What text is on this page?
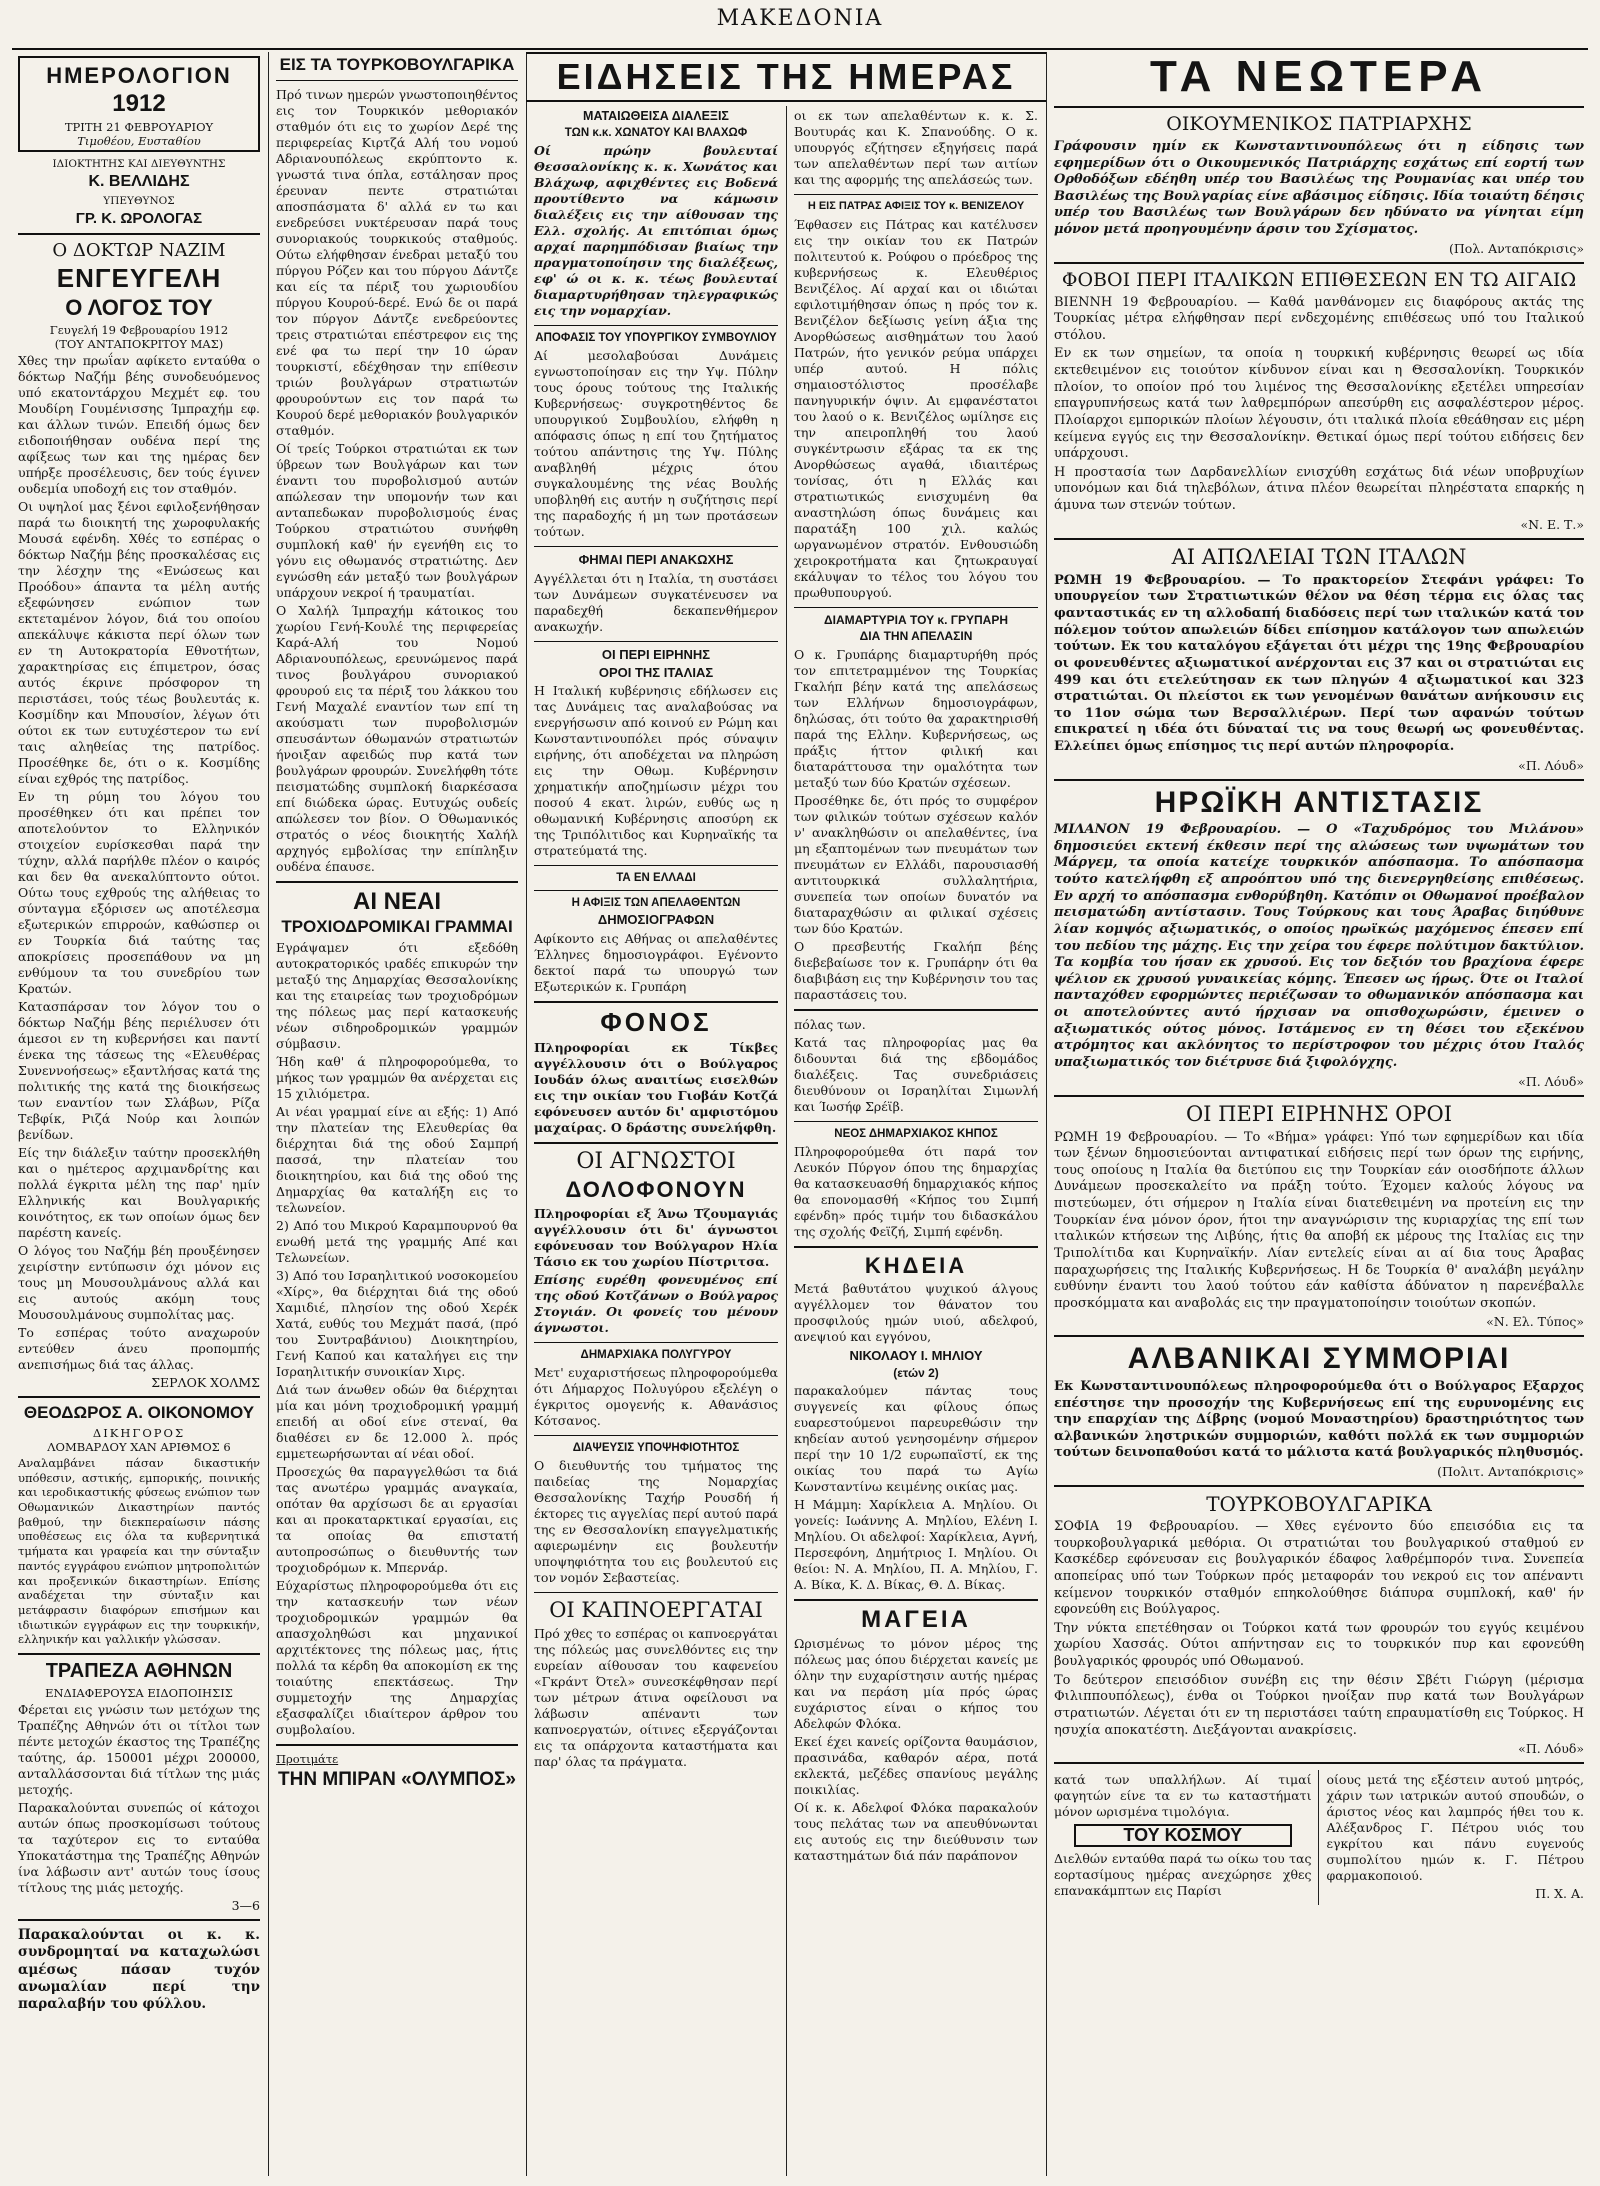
ΜΑΚΕΔΟΝΙΑ
ΗΜΕΡΟΛΟΓΙΟΝ
1912
ΤΡΙΤΗ 21 ΦΕΒΡΟΥΑΡΙΟΥ
Τιμοθέου, Ευσταθίου
ΙΔΙΟΚΤΗΤΗΣ ΚΑΙ ΔΙΕΥΘΥΝΤΗΣ
Κ. ΒΕΛΛΙΔΗΣ
ΥΠΕΥΘΥΝΟΣ
ΓΡ. Κ. ΩΡΟΛΟΓΑΣ
Ο ΔΟΚΤΩΡ ΝΑΖΙΜ
ΕΝΓΕΥΓΕΛΗ
Ο ΛΟΓΟΣ ΤΟΥ
Γευγελή 19 Φεβρουαρίου 1912
(ΤΟΥ ΑΝΤΑΠΟΚΡΙΤΟΥ ΜΑΣ)

Χθες την πρωΐαν αφίκετο ενταύθα ο δόκτωρ Ναζήμ βέης συνοδευόμενος υπό εκατοντάρχου Μεχμέτ εφ. του Μουδίρη Γουμένισσης Ίμπραχήμ εφ. και άλλων τινών. Επειδή όμως δεν ειδοποιήθησαν ουδένα περί της αφίξεως των και της ημέρας δεν υπήρξε προσέλευσις, δεν τούς έγινεν ουδεμία υποδοχή εις τον σταθμόν.

Οι υψηλοί μας ξένοι εφιλοξενήθησαν παρά τω διοικητή της χωροφυλακής Μουσά εφένδη. Χθές το εσπέρας ο δόκτωρ Ναζήμ βέης προσκαλέσας εις την λέσχην της «Ενώσεως και Προόδου» άπαντα τα μέλη αυτής εξεφώνησεν ενώπιον των εκτεταμένον λόγον, διά του οποίου απεκάλυψε κάκιστα περί όλων των εν τη Αυτοκρατορία Εθνοτήτων, χαρακτηρίσας εις έπιμετρον, όσας αυτός έκρινε πρόσφορον τη περιστάσει, τούς τέως βουλευτάς κ. Κοσμίδην και Μπουσίον, λέγων ότι ούτοι εκ των ευτυχέστερον τω ενί ταις αληθείας της πατρίδος. Προσέθηκε δε, ότι ο κ. Κοσμίδης είναι εχθρός της πατρίδος.

Εν τη ρύμη του λόγου του προσέθηκεν ότι και πρέπει τον αποτελούντον το Ελληνικόν στοιχείον ευρίσκεσθαι παρά την τύχην, αλλά παρήλθε πλέον ο καιρός και δεν θα ανεκαλύπτοντο ούτοι. Ούτω τους εχθρούς της αλήθειας το σύνταγμα εξόρισεν ως αποτέλεσμα εξωτερικών επιρροών, καθώσπερ οι εν Τουρκία διά ταύτης τας αποκρίσεις προσεπάθουν να μη ενθύμουν τα του συνεδρίου των Κρατών.

Κατασπάρσαν τον λόγον του ο δόκτωρ Ναζήμ βέης περιέλυσεν ότι άμεσοι εν τη κυβερνήσει και παντί ένεκα της τάσεως της «Ελευθέρας Συνεννοήσεως» εξαντλήσας κατά της πολιτικής της κατά της διοικήσεως των εναντίον των Σλάβων, Ρίζα Τεβφίκ, Ριζά Νούρ και λοιπών βενίδων.

Είς την διάλεξιν ταύτην προσεκλήθη και ο ημέτερος αρχιμανδρίτης και πολλά έγκριτα μέλη της παρ' ημίν Ελληνικής και Βουλγαρικής κοινότητος, εκ των οποίων όμως δεν παρέστη κανείς.

Ο λόγος του Ναζήμ βέη προυξένησεν χειρίστην εντύπωσιν όχι μόνον εις τους μη Μουσουλμάνους αλλά και εις αυτούς ακόμη τους Μουσουλμάνους συμπολίτας μας.

Το εσπέρας τούτο αναχωρούν εντεύθεν άνευ προπομπής ανεπισήμως διά τας άλλας.

ΣΕΡΛΟΚ ΧΟΛΜΣ
ΘΕΟΔΩΡΟΣ Α. ΟΙΚΟΝΟΜΟΥ
ΔΙΚΗΓΟΡΟΣ
ΛΟΜΒΑΡΔΟΥ ΧΑΝ ΑΡΙΘΜΟΣ 6

Αναλαμβάνει πάσαν δικαστικήν υπόθεσιν, αστικής, εμπορικής, ποινικής και ιεροδικαστικής φύσεως ενώπιον των Οθωμανικών Δικαστηρίων παντός βαθμού, την διεκπεραίωσιν πάσης υποθέσεως εις όλα τα κυβερνητικά τμήματα και γραφεία και την σύνταξιν παντός εγγράφου ενώπιον μητροπολιτών και προξενικών δικαστηρίων. Επίσης αναδέχεται την σύνταξιν και μετάφρασιν διαφόρων επισήμων και ιδιωτικών εγγράφων εις την τουρκικήν, ελληνικήν και γαλλικήν γλώσσαν.

ΤΡΑΠΕΖΑ ΑΘΗΝΩΝ
ΕΝΔΙΑΦΕΡΟΥΣΑ ΕΙΔΟΠΟΙΗΣΙΣ

Φέρεται εις γνώσιν των μετόχων της Τραπέζης Αθηνών ότι οι τίτλοι των πέντε μετοχών έκαστος της Τραπέζης ταύτης, άρ. 150001 μέχρι 200000, ανταλλάσσονται διά τίτλων της μιάς μετοχής.

Παρακαλούνται συνεπώς οί κάτοχοι αυτών όπως προσκομίσωσι τούτους τα ταχύτερον εις το ενταύθα Υποκατάστημα της Τραπέζης Αθηνών ίνα λάβωσιν αντ' αυτών τους ίσους τίτλους της μιάς μετοχής.

3—6

Παρακαλούνται οι κ. κ. συνδρομηταί να καταχωλώσι αμέσως πάσαν τυχόν ανωμαλίαν περί την παραλαβήν του φύλλου.

ΕΙΣ ΤΑ ΤΟΥΡΚΟΒΟΥΛΓΑΡΙΚΑ

Πρό τινων ημερών γνωστοποιηθέντος εις τον Τουρκικόν μεθοριακόν σταθμόν ότι εις το χωρίον Δερέ της περιφερείας Κιρτζά Αλή του νομού Αδριανουπόλεως εκρύπτοντο κ. γνωστά τινα όπλα, εστάλησαν προς έρευναν πεντε στρατιώται αποσπάσματα δ' αλλά εν τω και ενεδρεύσει νυκτέρευσαν παρά τους συνοριακούς τουρκικούς σταθμούς. Ούτω ελήφθησαν ένεδραι μεταξύ του πύργου Ρόζεν και του πύργου Δάντζε και είς τα πέριξ του χωριουδίου πύργου Κουρού-δερέ. Ενώ δε οι παρά τον πύργον Δάντζε ενεδρεύοντες τρεις στρατιώται επέστρεφον εις της ενέ φα τω περί την 10 ώραν τουρκιστί, εδέχθησαν την επίθεσιν τριών βουλγάρων στρατιωτών φρουρούντων εις τον παρά τω Κουρού δερέ μεθοριακόν βουλγαρικόν σταθμόν.

Οί τρείς Τούρκοι στρατιώται εκ των ύβρεων των Βουλγάρων και των έναντι του πυροβολισμού αυτών απώλεσαν την υπομονήν των και ανταπεδωκαν πυροβολισμούς ένας Τούρκου στρατιώτου συνήφθη συμπλοκή καθ' ήν εγενήθη εις το γόνυ εις οθωμανός στρατιώτης. Δεν εγνώσθη εάν μεταξύ των βουλγάρων υπάρχουν νεκροί ή τραυματίαι.

Ο Χαλήλ Ίμπραχήμ κάτοικος του χωρίου Γενή-Κουλέ της περιφερείας Καρά-Αλή του Νομού Αδριανουπόλεως, ερευνώμενος παρά τινος βουλγάρου συνοριακού φρουρού εις τα πέριξ του λάκκου του Γενή Μαχαλέ εναντίον των επί τη ακούσματι των πυροβολισμών σπευσάντων όθωμανών στρατιωτών ήνοιξαν αφειδώς πυρ κατά των βουλγάρων φρουρών. Συνελήφθη τότε πεισματώδης συμπλοκή διαρκέσασα επί διώδεκα ώρας. Ευτυχώς ουδείς απώλεσεν τον βίον. Ο Όθωμανικός στρατός ο νέος διοικητής Χαλήλ αρχηγός εμβολίσας την επίπληξιν ουδένα έπαυσε.

ΑΙ ΝΕΑΙ
ΤΡΟΧΙΟΔΡΟΜΙΚΑΙ ΓΡΑΜΜΑΙ

Εγράψαμεν ότι εξεδόθη αυτοκρατορικός ιραδές επικυρών την μεταξύ της Δημαρχίας Θεσσαλονίκης και της εταιρείας των τροχιοδρόμων της πόλεως μας περί κατασκευής νέων σιδηροδρομικών γραμμών σύμβασιν.

Ήδη καθ' ά πληροφορούμεθα, το μήκος των γραμμών θα ανέρχεται εις 15 χιλιόμετρα.

Αι νέαι γραμμαί είνε αι εξής: 1) Από την πλατείαν της Ελευθερίας θα διέρχηται διά της οδού Σαμπρή πασσά, την πλατείαν του διοικητηρίου, και διά της οδού της Δημαρχίας θα καταλήξη εις το τελωνείον.

2) Από του Μικρού Καραμπουρνού θα ενωθή μετά της γραμμής Απέ και Τελωνείων.

3) Από του Ισραηλιτικού νοσοκομείου «Χίρς», θα διέρχηται διά της οδού Χαμιδιέ, πλησίον της οδού Χερέκ Χατά, ευθύς του Μεχμάτ πασά, (πρό του Συντραβάνιου) Διοικητηρίου, Γενή Καπού και καταλήγει εις την Ισραηλιτικήν συνοικίαν Χιρς.

Διά των άνωθεν οδών θα διέρχηται μία και μόνη τροχιοδρομική γραμμή επειδή αι οδοί είνε στεναί, θα διαθέσει εν δε 12.000 λ. πρός εμμετεωρήσωνται αί νέαι οδοί.

Προσεχώς θα παραγγελθώσι τα διά τας ανωτέρω γραμμάς αναγκαία, οπόταν θα αρχίσωσι δε αι εργασίαι και αι προκαταρκτικαί εργασίαι, εις τα οποίας θα επιστατή αυτοπροσώπως ο διευθυντής των τροχιοδρόμων κ. Μπερνάρ.

Εύχαρίστως πληροφορούμεθα ότι εις την κατασκευήν των νέων τροχιοδρομικών γραμμών θα απασχοληθώσι και μηχανικοί αρχιτέκτονες της πόλεως μας, ήτις πολλά τα κέρδη θα αποκομίση εκ της τοιαύτης επεκτάσεως. Την συμμετοχήν της Δημαρχίας εξασφαλίζει ιδιαίτερον άρθρον του συμβολαίου.

Προτιμάτε
ΤΗΝ ΜΠΙΡΑΝ «ΟΛΥΜΠΟΣ»
ΕΙΔΗΣΕΙΣ ΤΗΣ ΗΜΕΡΑΣ
ΜΑΤΑΙΩΘΕΙΣΑ ΔΙΑΛΕΞΙΣ
ΤΩΝ κ.κ. ΧΩΝΑΤΟΥ ΚΑΙ ΒΛΑΧΩΦ

Οί πρώην βουλευταί Θεσσαλονίκης κ. κ. Χωνάτος και Βλάχωφ, αφιχθέντες εις Βοδενά προυτίθεντο να κάμωσιν διαλέξεις εις την αίθουσαν της Ελλ. σχολής. Αι επιτόπιαι όμως αρχαί παρημπόδισαν βιαίως την πραγματοποίησιν της διαλέξεως, εφ' ώ οι κ. κ. τέως βουλευταί διαμαρτυρήθησαν τηλεγραφικώς εις την νομαρχίαν.

ΑΠΟΦΑΣΙΣ ΤΟΥ ΥΠΟΥΡΓΙΚΟΥ ΣΥΜΒΟΥΛΙΟΥ

Αί μεσολαβούσαι Δυνάμεις εγνωστοποίησαν εις την Υψ. Πύλην τους όρους τούτους της Ιταλικής Κυβερνήσεως· συγκροτηθέντος δε υπουργικού Συμβουλίου, ελήφθη η απόφασις όπως η επί του ζητήματος τούτου απάντησις της Υψ. Πύλης αναβληθή μέχρις ότου συγκαλουμένης της νέας Βουλής υποβληθή εις αυτήν η συζήτησις περί της παραδοχής ή μη των προτάσεων τούτων.

ΦΗΜΑΙ ΠΕΡΙ ΑΝΑΚΩΧΗΣ

Αγγέλλεται ότι η Ιταλία, τη συστάσει των Δυνάμεων συγκατένευσεν να παραδεχθή δεκαπενθήμερον ανακωχήν.

ΟΙ ΠΕΡΙ ΕΙΡΗΝΗΣ
ΟΡΟΙ ΤΗΣ ΙΤΑΛΙΑΣ

Η Ιταλική κυβέρνησις εδήλωσεν εις τας Δυνάμεις τας αναλαβούσας να ενεργήσωσιν από κοινού εν Ρώμη και Κωνσταντινουπόλει πρός σύναψιν ειρήνης, ότι αποδέχεται να πληρώση εις την Οθωμ. Κυβέρνησιν χρηματικήν αποζημίωσιν μέχρι του ποσού 4 εκατ. λιρών, ευθύς ως η οθωμανική Κυβέρνησις αποσύρη εκ της Τριπόλιτιδος και Κυρηναϊκής τα στρατεύματά της.

ΤΑ ΕΝ ΕΛΛΑΔΙ
Η ΑΦΙΞΙΣ ΤΩΝ ΑΠΕΛΑΘΕΝΤΩΝ
ΔΗΜΟΣΙΟΓΡΑΦΩΝ

Αφίκοντο εις Αθήνας οι απελαθέντες Έλληνες δημοσιογράφοι. Εγένοντο δεκτοί παρά τω υπουργώ των Εξωτερικών κ. Γρυπάρη

ΦΟΝΟΣ

Πληροφορίαι εκ Τίκβες αγγέλλουσιν ότι ο Βούλγαρος Ιουδάν όλως αναιτίως εισελθών εις την οικίαν του Γιοβάν Κοτζά εφόνευσεν αυτόν δι' αμφιστόμου μαχαίρας. Ο δράστης συνελήφθη.

ΟΙ ΑΓΝΩΣΤΟΙ
ΔΟΛΟΦΟΝΟΥΝ

Πληροφορίαι εξ Άνω Τζουμαγιάς αγγέλλουσιν ότι δι' άγνωστοι εφόνευσαν τον Βούλγαρον Ηλία Τάσιο εκ του χωρίου Πίστριτσα.

Επίσης ευρέθη φονευμένος επί της οδού Κοτζάνων ο Βούλγαρος Στογιάν. Οι φονείς του μένουν άγνωστοι.

ΔΗΜΑΡΧΙΑΚΑ ΠΟΛΥΓΥΡΟΥ

Μετ' ευχαριστήσεως πληροφορούμεθα ότι Δήμαρχος Πολυγύρου εξελέγη ο έγκριτος ομογενής κ. Αθανάσιος Κότσανος.

ΔΙΑΨΕΥΣΙΣ ΥΠΟΨΗΦΙΟΤΗΤΟΣ

Ο διευθυντής του τμήματος της παιδείας της Νομαρχίας Θεσσαλονίκης Ταχήρ Ρουσδή ή έκτορες τις αγγελίας περί αυτού παρά της εν Θεσσαλονίκη επαγγελματικής αφιερωμένην εις βουλευτήν υποψηφιότητα του εις βουλευτού εις τον νομόν Σεβαστείας.

ΟΙ ΚΑΠΝΟΕΡΓΑΤΑΙ

Πρό χθες το εσπέρας οι καπνοεργάται της πόλεώς μας συνελθόντες εις την ευρείαν αίθουσαν του καφενείου «Γκράντ Ότελ» συνεσκέφθησαν περί των μέτρων άτινα οφείλουσι να λάβωσιν απέναντι των καπνοεργατών, οίτινες εξεργάζονται εις τα οπάρχοντα καταστήματα και παρ' όλας τα πράγματα.

οι εκ των απελαθέντων κ. κ. Σ. Βουτυράς και Κ. Σπανούδης. Ο κ. υπουργός εζήτησεν εξηγήσεις παρά των απελαθέντων περί των αιτίων και της αφορμής της απελάσεώς των.

Η ΕΙΣ ΠΑΤΡΑΣ ΑΦΙΞΙΣ ΤΟΥ κ. ΒΕΝΙΖΕΛΟΥ

Έφθασεν εις Πάτρας και κατέλυσεν εις την οικίαν του εκ Πατρών πολιτευτού κ. Ρούφου ο πρόεδρος της κυβερνήσεως κ. Ελευθέριος Βενιζέλος. Αί αρχαί και οι ιδιώται εφιλοτιμήθησαν όπως η πρός τον κ. Βενιζέλον δεξίωσις γείνη άξια της Ανορθώσεως αισθημάτων του λαού Πατρών, ήτο γενικόν ρεύμα υπάρχει υπέρ αυτού. Η πόλις σημαιοστόλιστος προσέλαβε πανηγυρικήν όψιν. Αι εμφανέστατοι του λαού ο κ. Βενιζέλος ωμίλησε εις την απειροπληθή του λαού συγκέντρωσιν εξάρας τα εκ της Ανορθώσεως αγαθά, ιδιαιτέρως τονίσας, ότι η Ελλάς και στρατιωτικώς ενισχυμένη θα αναστηλώση όπως δυνάμεις και παρατάξη 100 χιλ. καλώς ωργανωμένον στρατόν. Ενθουσιώδη χειροκροτήματα και ζητωκραυγαί εκάλυψαν το τέλος του λόγου του πρωθυπουργού.

ΔΙΑΜΑΡΤΥΡΙΑ ΤΟΥ κ. ΓΡΥΠΑΡΗ
ΔΙΑ ΤΗΝ ΑΠΕΛΑΣΙΝ

Ο κ. Γρυπάρης διαμαρτυρήθη πρός τον επιτετραμμένον της Τουρκίας Γκαλήπ βέην κατά της απελάσεως των Ελλήνων δημοσιογράφων, δηλώσας, ότι τούτο θα χαρακτηρισθή παρά της Ελλην. Κυβερνήσεως, ως πράξις ήττον φιλική και διαταράττουσα την ομαλότητα των μεταξύ των δύο Κρατών σχέσεων.

Προσέθηκε δε, ότι πρός το συμφέρον των φιλικών τούτων σχέσεων καλόν ν' ανακληθώσιν οι απελαθέντες, ίνα μη εξαπτομένων των πνευμάτων των πνευμάτων εν Ελλάδι, παρουσιασθή αντιτουρκικά συλλαλητήρια, συνεπεία των οποίων δυνατόν να διαταραχθώσιν αι φιλικαί σχέσεις των δύο Κρατών.

Ο πρεσβευτής Γκαλήπ βέης διεβεβαίωσε τον κ. Γρυπάρην ότι θα διαβιβάση εις την Κυβέρνησιν του τας παραστάσεις του.

πόλας των.

Κατά τας πληροφορίας μας θα διδουνται διά της εβδομάδος διαλέξεις. Τας συνεδριάσεις διευθύνουν οι Ισραηλίται Σιμωνλή και Ίωσήφ Σρέϊβ.

ΝΕΟΣ ΔΗΜΑΡΧΙΑΚΟΣ ΚΗΠΟΣ

Πληροφορούμεθα ότι παρά τον Λευκόν Πύργον όπου της δημαρχίας θα κατασκευασθή δημαρχιακός κήπος θα επονομασθή «Κήπος του Σιμπή εφένδη» πρός τιμήν του διδασκάλου της σχολής Φεϊζή, Σιμπή εφένδη.

ΚΗΔΕΙΑ

Μετά βαθυτάτου ψυχικού άλγους αγγέλλομεν τον θάνατον του προσφιλούς ημών υιού, αδελφού, ανεψιού και εγγόνου,

ΝΙΚΟΛΑΟΥ Ι. ΜΗΛΙΟΥ
(ετών 2)

παρακαλούμεν πάντας τους συγγενείς και φίλους όπως ευαρεστούμενοι παρευρεθώσιν την κηδείαν αυτού γενησομένην σήμερον περί την 10 1/2 ευρωπαϊστί, εκ της οικίας του παρά τω Αγίω Κωνσταντίνω κειμένης οικίας μας.

Η Μάμμη: Χαρίκλεια Α. Μηλίου. Οι γονείς: Ιωάννης Α. Μηλίου, Ελένη Ι. Μηλίου. Οι αδελφοί: Χαρίκλεια, Αγνή, Περσεφόνη, Δημήτριος Ι. Μηλίου. Οι θείοι: Ν. Α. Μηλίου, Π. Α. Μηλίου, Γ. Α. Βίκα, Κ. Δ. Βίκας, Θ. Δ. Βίκας.

ΜΑΓΕΙΑ

Ωρισμένως το μόνον μέρος της πόλεως μας όπου διέρχεται κανείς με όλην την ευχαρίστησιν αυτής ημέρας και να περάση μία πρός ώρας ευχάριστος είναι ο κήπος του Αδελφών Φλόκα.

Εκεί έχει κανείς ορίζοντα θαυμάσιον, πρασινάδα, καθαρόν αέρα, ποτά εκλεκτά, μεζέδες σπανίους μεγάλης ποικιλίας.

Οί κ. κ. Αδελφοί Φλόκα παρακαλούν τους πελάτας των να απευθύνωνται εις αυτούς εις την διεύθυνσιν των καταστημάτων διά πάν παράπονον

ΤΑ ΝΕΩΤΕΡΑ
ΟΙΚΟΥΜΕΝΙΚΟΣ ΠΑΤΡΙΑΡΧΗΣ

Γράφουσιν ημίν εκ Κωνσταντινουπόλεως ότι η είδησις των εφημερίδων ότι ο Οικουμενικός Πατριάρχης εσχάτως επί εορτή των Ορθοδόξων εδέηθη υπέρ του Βασιλέως της Ρουμανίας και υπέρ του Βασιλέως της Βουλγαρίας είνε αβάσιμος είδησις. Ιδία τοιαύτη δέησις υπέρ του Βασιλέως των Βουλγάρων δεν ηδύνατο να γίνηται είμη μόνον μετά προηγουμένην άρσιν του Σχίσματος.

(Πολ. Ανταπόκρισις»
ΦΟΒΟΙ ΠΕΡΙ ΙΤΑΛΙΚΩΝ ΕΠΙΘΕΣΕΩΝ ΕΝ ΤΩ ΑΙΓΑΙΩ

ΒΙΕΝΝΗ 19 Φεβρουαρίου. — Καθά μανθάνομεν εις διαφόρους ακτάς της Τουρκίας μέτρα ελήφθησαν περί ενδεχομένης επιθέσεως υπό του Ιταλικού στόλου.

Εν εκ των σημείων, τα οποία η τουρκική κυβέρνησις θεωρεί ως ιδία εκτεθειμένον εις τοιούτον κίνδυνον είναι και η Θεσσαλονίκη. Τουρκικόν πλοίον, το οποίον πρό του λιμένος της Θεσσαλονίκης εξετέλει υπηρεσίαν επαγρυπνήσεως κατά των λαθρεμπόρων απεσύρθη εις ασφαλέστερον μέρος. Πλοίαρχοι εμπορικών πλοίων λέγουσιν, ότι ιταλικά πλοία εθεάθησαν εις μέρη κείμενα εγγύς εις την Θεσσαλονίκην. Θετικαί όμως περί τούτου ειδήσεις δεν υπάρχουσι.

Η προστασία των Δαρδανελλίων ενισχύθη εσχάτως διά νέων υποβρυχίων υπονόμων και διά τηλεβόλων, άτινα πλέον θεωρείται πληρέστατα επαρκής η άμυνα των στενών τούτων.

«Ν. Ε. Τ.»
ΑΙ ΑΠΩΛΕΙΑΙ ΤΩΝ ΙΤΑΛΩΝ

ΡΩΜΗ 19 Φεβρουαρίου. — Το πρακτορείον Στεφάνι γράφει: Το υπουργείον των Στρατιωτικών θέλον να θέση τέρμα εις όλας τας φανταστικάς εν τη αλλοδαπή διαδόσεις περί των ιταλικών κατά τον πόλεμον τούτον απωλειών δίδει επίσημον κατάλογον των απωλειών τούτων. Εκ του καταλόγου εξάγεται ότι μέχρι της 19ης Φεβρουαρίου οι φονευθέντες αξιωματικοί ανέρχονται εις 37 και οι στρατιώται εις 499 και ότι ετελεύτησαν εκ των πληγών 4 αξιωματικοί και 323 στρατιώται. Οι πλείστοι εκ των γενομένων θανάτων ανήκουσιν εις το 11ον σώμα των Βερσαλλιέρων. Περί των αφανών τούτων επικρατεί η ιδέα ότι δύναταί τις να τους θεωρή ως φονευθέντας. Ελλείπει όμως επίσημος τις περί αυτών πληροφορία.

«Π. Λόυδ»
ΗΡΩΪΚΗ ΑΝΤΙΣΤΑΣΙΣ

ΜΙΛΑΝΟΝ 19 Φεβρουαρίου. — Ο «Ταχυδρόμος του Μιλάνου» δημοσιεύει εκτενή έκθεσιν περί της αλώσεως των υψωμάτων του Μάργεμ, τα οποία κατείχε τουρκικόν απόσπασμα. Το απόσπασμα τούτο κατελήφθη εξ απροόπτου υπό της διενεργηθείσης επιθέσεως. Εν αρχή το απόσπασμα ενθορύβηθη. Κατόπιν οι Οθωμανοί προέβαλον πεισματώδη αντίστασιν. Τους Τούρκους και τους Άραβας διηύθυνε λίαν κομψός αξιωματικός, ο οποίος ηρωϊκώς μαχόμενος έπεσεν επί του πεδίου της μάχης. Εις την χείρα του έφερε πολύτιμον δακτύλιον. Τα κομβία του ήσαν εκ χρυσού. Εις τον δεξιόν του βραχίονα έφερε ψέλιον εκ χρυσού γυναικείας κόμης. Έπεσεν ως ήρως. Ότε οι Ιταλοί πανταχόθεν εφορμώντες περιέζωσαν το οθωμανικόν απόσπασμα και οι αποτελούντες αυτό ήρχισαν να οπισθοχωρώσιν, έμεινεν ο αξιωματικός ούτος μόνος. Ιστάμενος εν τη θέσει του εξεκένου ατρόμητος και ακλόνητος το περίστροφον του μέχρις ότου Ιταλός υπαξιωματικός τον διέτρυσε διά ξιφολόγχης.

«Π. Λόυδ»
ΟΙ ΠΕΡΙ ΕΙΡΗΝΗΣ ΟΡΟΙ

ΡΩΜΗ 19 Φεβρουαρίου. — Το «Βήμα» γράφει: Υπό των εφημερίδων και ιδία των ξένων δημοσιεύονται αντιφατικαί ειδήσεις περί των όρων της ειρήνης, τους οποίους η Ιταλία θα διετύπου εις την Τουρκίαν εάν οιοσδήποτε άλλων Δυνάμεων προσεκαλείτο να πράξη τούτο. Έχομεν καλούς λόγους να πιστεύωμεν, ότι σήμερον η Ιταλία είναι διατεθειμένη να προτείνη εις την Τουρκίαν ένα μόνον όρον, ήτοι την αναγνώρισιν της κυριαρχίας της επί των ιταλικών κτήσεων της Λιβύης, ήτις θα αποβή εκ μέρους της Ιταλίας εις την Τριπολίτιδα και Κυρηναϊκήν. Λίαν εντελείς είναι αι αί δια τους Άραβας παραχωρήσεις της Ιταλικής Κυβερνήσεως. Η δε Τουρκία θ' αναλάβη μεγάλην ευθύνην έναντι του λαού τούτου εάν καθίστα άδύνατον η παρενέβαλλε προσκόμματα και αναβολάς εις την πραγματοποίησιν τοιούτων σκοπών.

«Ν. Ελ. Τύπος»
ΑΛΒΑΝΙΚΑΙ ΣΥΜΜΟΡΙΑΙ

Εκ Κωνσταντινουπόλεως πληροφορούμεθα ότι ο Βούλγαρος Εξαρχος επέστησε την προσοχήν της Κυβερνήσεως επί της ευρυνομένης εις την επαρχίαν της Δίβρης (νομού Μοναστηρίου) δραστηριότητος των αλβανικών ληστρικών συμμοριών, καθότι πολλά εκ των συμμοριών τούτων δεινοπαθούσι κατά το μάλιστα κατά βουλγαρικός πληθυσμός.

(Πολιτ. Ανταπόκρισις»
ΤΟΥΡΚΟΒΟΥΛΓΑΡΙΚΑ

ΣΟΦΙΑ 19 Φεβρουαρίου. — Χθες εγένοντο δύο επεισόδια εις τα τουρκοβουλγαρικά μεθόρια. Οι στρατιώται του βουλγαρικού σταθμού εν Κασκέδερ εφόνευσαν εις βουλγαρικόν έδαφος λαθρέμπορόν τινα. Συνεπεία αποπείρας υπό των Τούρκων πρός μεταφοράν του νεκρού εις τον απέναντι κείμενον τουρκικόν σταθμόν επηκολούθησε διάπυρα συμπλοκή, καθ' ήν εφονεύθη εις Βούλγαρος.

Την νύκτα επετέθησαν οι Τούρκοι κατά των φρουρών του εγγύς κειμένου χωρίου Χασσάς. Ούτοι απήντησαν εις το τουρκικόν πυρ και εφονεύθη βουλγαρικός φρουρός υπό Οθωμανού.

Το δεύτερον επεισόδιον συνέβη εις την θέσιν Σβέτι Γιώργη (μέρισμα Φιλιππουπόλεως), ένθα οι Τούρκοι ηνοίξαν πυρ κατά των Βουλγάρων στρατιωτών. Λέγεται ότι εν τη περιστάσει ταύτη επραυματίσθη εις Τούρκος. Η ησυχία αποκατέστη. Διεξάγονται ανακρίσεις.

«Π. Λόυδ»

κατά των υπαλλήλων. Αί τιμαί φαγητών είνε τα εν τω καταστήματι μόνον ωρισμένα τιμολόγια.

ΤΟΥ ΚΟΣΜΟΥ

Διελθών ενταύθα παρά τω οίκω του τας εορτασίμους ημέρας ανεχώρησε χθες επανακάμπτων εις Παρίσι

οίους μετά της εξέστειν αυτού μητρός, χάριν των ιατρικών αυτού σπουδών, ο άριστος νέος και λαμπρός ήθει του κ. Αλέξανδρος Γ. Πέτρου υιός του εγκρίτου και πάνυ ευγενούς συμπολίτου ημών κ. Γ. Πέτρου φαρμακοποιού.

Π. Χ. Α.
